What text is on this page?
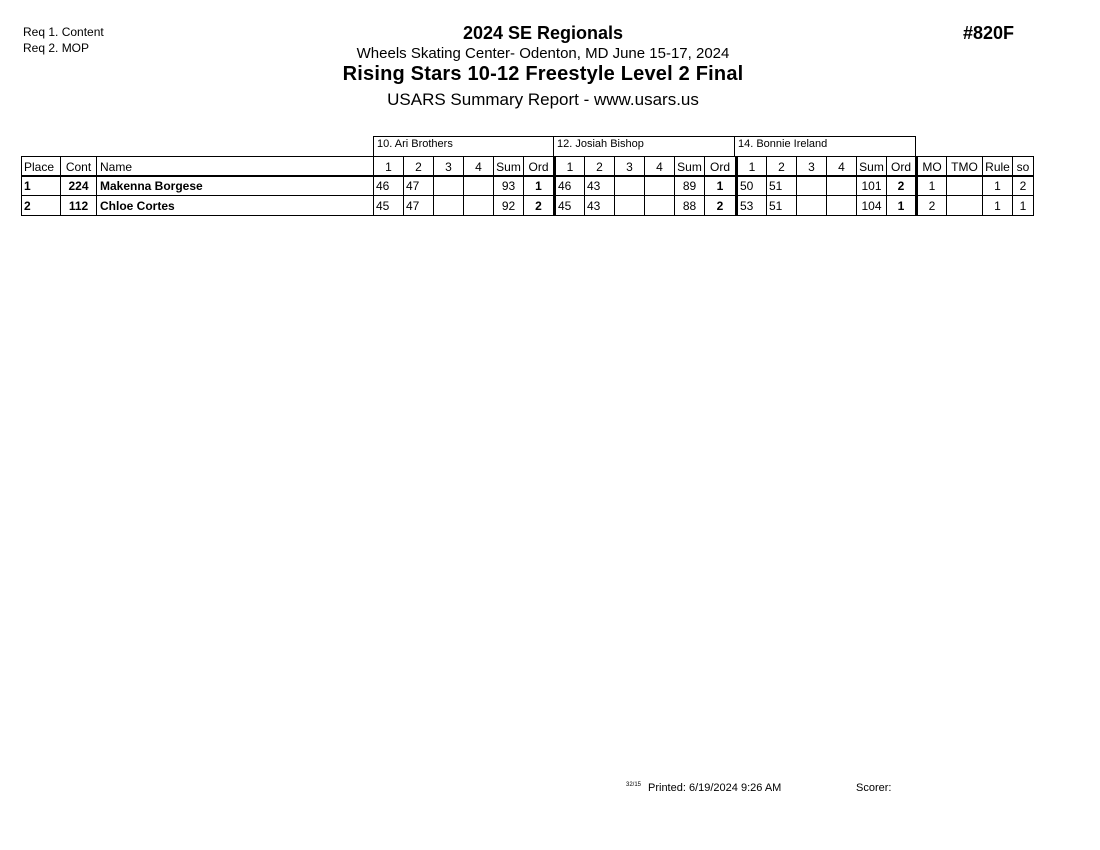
Req 1. Content
Req 2. MOP
2024 SE Regionals
Wheels Skating Center- Odenton, MD June 15-17, 2024
Rising Stars 10-12 Freestyle Level 2 Final
USARS Summary Report - www.usars.us
#820F
10. Ari Brothers	12. Josiah Bishop	14. Bonnie Ireland
Place	Cont	Name	1	2	3	4	Sum	Ord	1	2	3	4	Sum	Ord	1	2	3	4	Sum	Ord	MO	TMO	Rule	so
1	224	Makenna Borgese	46	47			93	1	46	43			89	1	50	51			101	2	1		1	2
2	112	Chloe Cortes	45	47			92	2	45	43			88	2	53	51			104	1	2		1	1
32/15 Printed: 6/19/2024 9:26 AM	Scorer:
